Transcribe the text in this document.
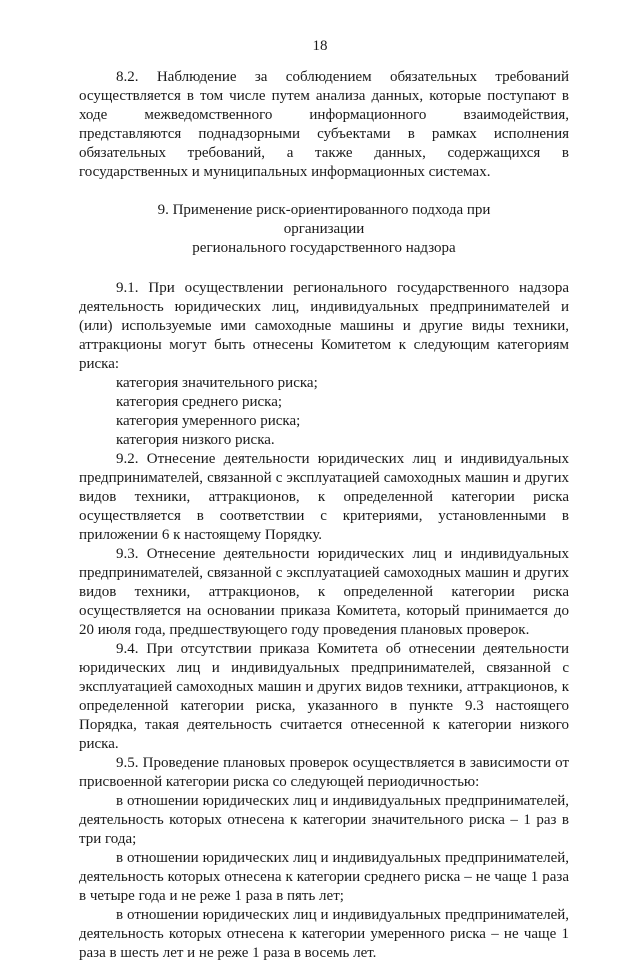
18

8.2. Наблюдение за соблюдением обязательных требований осуществляется в том числе путем анализа данных, которые поступают в ходе межведомственного информационного взаимодействия, представляются поднадзорными субъектами в рамках исполнения обязательных требований, а также данных, содержащихся в государственных и муниципальных информационных системах.

9. Применение риск-ориентированного подхода при организации
регионального государственного надзора

9.1. При осуществлении регионального государственного надзора деятельность юридических лиц, индивидуальных предпринимателей и (или) используемые ими самоходные машины и другие виды техники, аттракционы могут быть отнесены Комитетом к следующим категориям риска:

категория значительного риска;

категория среднего риска;

категория умеренного риска;

категория низкого риска.

9.2. Отнесение деятельности юридических лиц и индивидуальных предпринимателей, связанной с эксплуатацией самоходных машин и других видов техники, аттракционов, к определенной категории риска осуществляется в соответствии с критериями, установленными в приложении 6 к настоящему Порядку.

9.3. Отнесение деятельности юридических лиц и индивидуальных предпринимателей, связанной с эксплуатацией самоходных машин и других видов техники, аттракционов, к определенной категории риска осуществляется на основании приказа Комитета, который принимается до 20 июля года, предшествующего году проведения плановых проверок.

9.4. При отсутствии приказа Комитета об отнесении деятельности юридических лиц и индивидуальных предпринимателей, связанной с эксплуатацией самоходных машин и других видов техники, аттракционов, к определенной категории риска, указанного в пункте 9.3 настоящего Порядка, такая деятельность считается отнесенной к категории низкого риска.

9.5. Проведение плановых проверок осуществляется в зависимости от присвоенной категории риска со следующей периодичностью:

в отношении юридических лиц и индивидуальных предпринимателей, деятельность которых отнесена к категории значительного риска – 1 раз в три года;

в отношении юридических лиц и индивидуальных предпринимателей, деятельность которых отнесена к категории среднего риска – не чаще 1 раза в четыре года и не реже 1 раза в пять лет;

в отношении юридических лиц и индивидуальных предпринимателей, деятельность которых отнесена к категории умеренного риска – не чаще 1 раза в шесть лет и не реже 1 раза в восемь лет.
